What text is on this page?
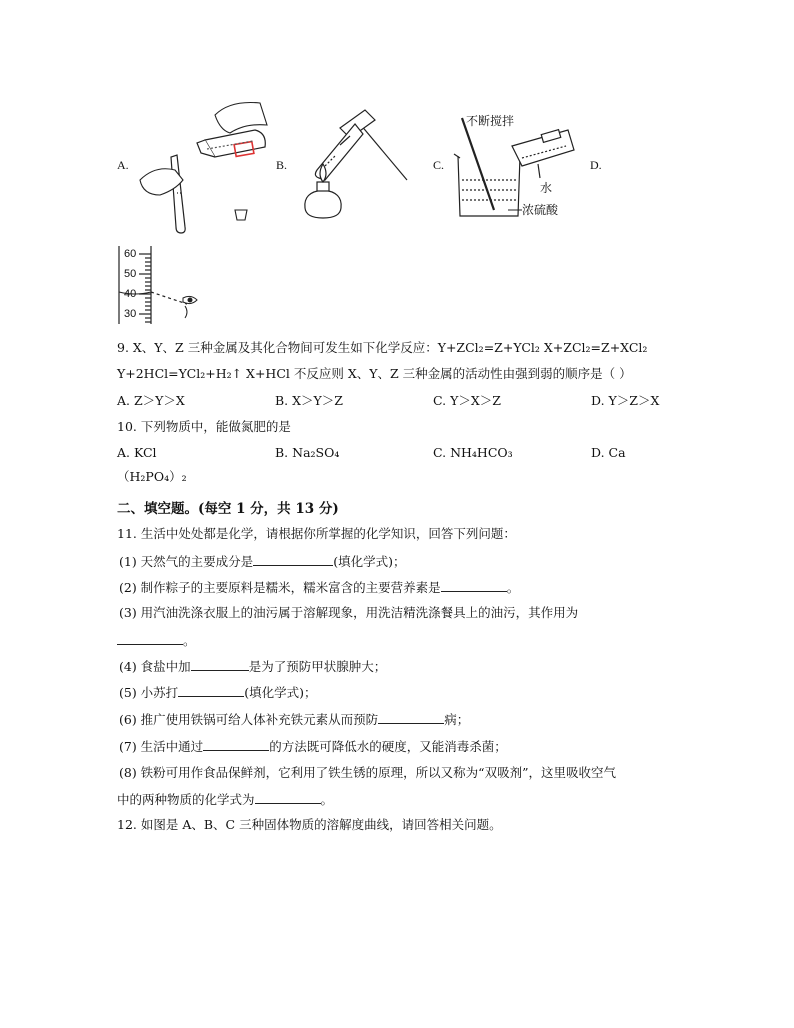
A.	B.	C.
不断搅拌
水
浓硫酸
D.
60
50
40
30
9. X、Y、Z 三种金属及其化合物间可发生如下化学反应：Y+ZCl₂=Z+YCl₂ X+ZCl₂=Z+XCl₂
Y+2HCl=YCl₂+H₂↑ X+HCl 不反应则 X、Y、Z 三种金属的活动性由强到弱的顺序是（ ）
A. Z＞Y＞X	B. X＞Y＞Z	C. Y＞X＞Z	D. Y＞Z＞X
10. 下列物质中，能做氮肥的是
A. KCl	B. Na₂SO₄	C. NH₄HCO₃	D. Ca
（H₂PO₄）₂
二、填空题。(每空 1 分，共 13 分)
11. 生活中处处都是化学，请根据你所掌握的化学知识，回答下列问题：
(1) 天然气的主要成分是	(填化学式)；
(2) 制作粽子的主要原料是糯米，糯米富含的主要营养素是	。
(3) 用汽油洗涤衣服上的油污属于溶解现象，用洗洁精洗涤餐具上的油污，其作用为
。
(4) 食盐中加	是为了预防甲状腺肿大；
(5) 小苏打	(填化学式)；
(6) 推广使用铁锅可给人体补充铁元素从而预防	病；
(7) 生活中通过	的方法既可降低水的硬度，又能消毒杀菌；
(8) 铁粉可用作食品保鲜剂，它利用了铁生锈的原理，所以又称为“双吸剂”，这里吸收空气
中的两种物质的化学式为	。
12. 如图是 A、B、C 三种固体物质的溶解度曲线，请回答相关问题。
